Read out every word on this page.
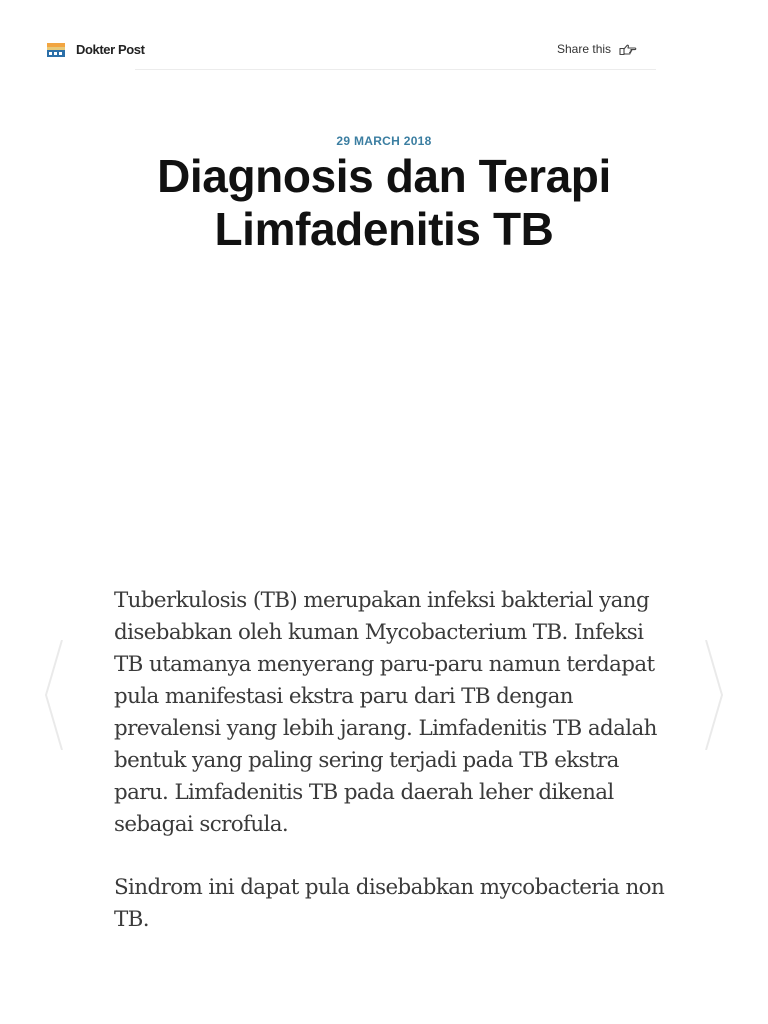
Dokter Post	Share this
29 MARCH 2018
Diagnosis dan Terapi Limfadenitis TB

Tuberkulosis (TB) merupakan infeksi bakterial yang disebabkan oleh kuman Mycobacterium TB. Infeksi TB utamanya menyerang paru-paru namun terdapat pula manifestasi ekstra paru dari TB dengan prevalensi yang lebih jarang. Limfadenitis TB adalah bentuk yang paling sering terjadi pada TB ekstra paru. Limfadenitis TB pada daerah leher dikenal sebagai scrofula.

Sindrom ini dapat pula disebabkan mycobacteria non TB.
